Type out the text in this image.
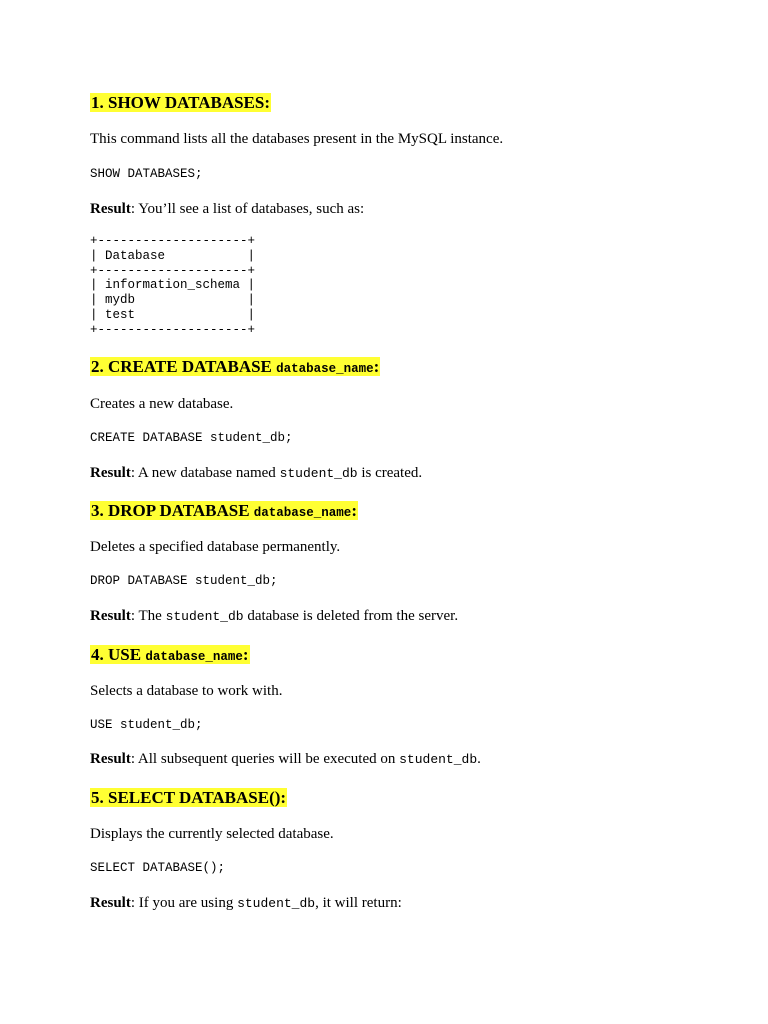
1. SHOW DATABASES:

This command lists all the databases present in the MySQL instance.

SHOW DATABASES;

Result: You’ll see a list of databases, such as:

+--------------------+
| Database           |
+--------------------+
| information_schema |
| mydb               |
| test               |
+--------------------+
2. CREATE DATABASE database_name:

Creates a new database.

CREATE DATABASE student_db;

Result: A new database named student_db is created.

3. DROP DATABASE database_name:

Deletes a specified database permanently.

DROP DATABASE student_db;

Result: The student_db database is deleted from the server.

4. USE database_name:

Selects a database to work with.

USE student_db;

Result: All subsequent queries will be executed on student_db.

5. SELECT DATABASE():

Displays the currently selected database.

SELECT DATABASE();

Result: If you are using student_db, it will return:
